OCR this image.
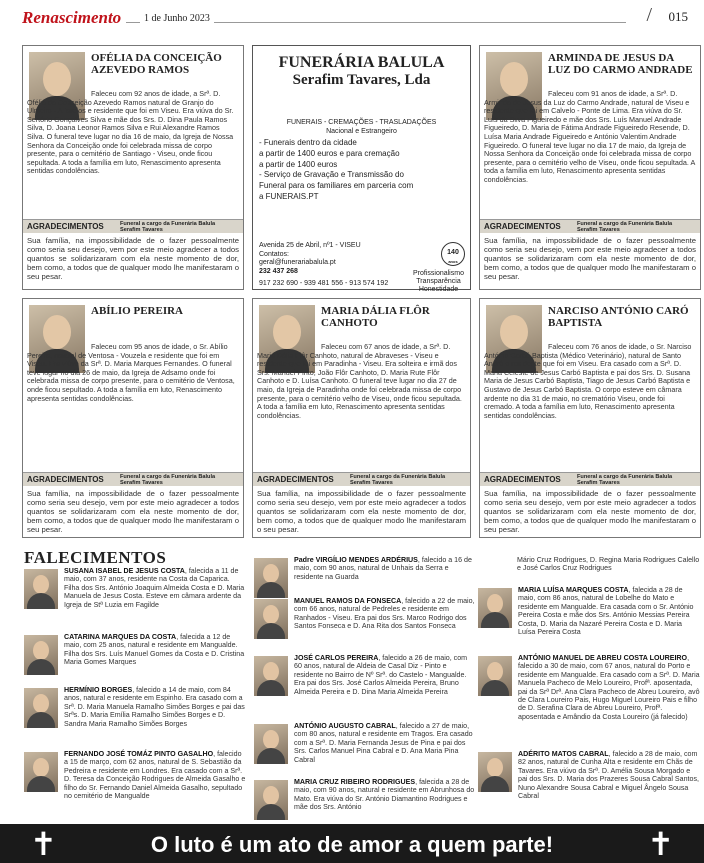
Renascimento	1 de Junho 2023	/ 015
OFÉLIA DA CONCEIÇÃO AZEVEDO RAMOS
Faleceu com 92 anos de idade, a Srª. D. Ofélia da Conceição Azevedo Ramos natural de Granjo do Ulmeiro - Alfarelos e residente que foi em Viseu. Era viúva do Sr. Sertório Gonçalves Silva e mãe dos Srs. D. Dina Paula Ramos Silva, D. Joana Leonor Ramos Silva e Rui Alexandre Ramos Silva. O funeral teve lugar no dia 16 de maio, da Igreja de Nossa Senhora da Conceição onde foi celebrada missa de corpo presente, para o cemitério de Santiago - Viseu, onde ficou sepultada. A toda a família em luto, Renascimento apresenta sentidas condolências.
AGRADECIMENTOS	Funeral a cargo da Funerária Balula Serafim Tavares
Sua família, na impossibilidade de o fazer pessoalmente como seria seu desejo, vem por este meio agradecer a todos quantos se solidarizaram com ela neste momento de dor, bem como, a todos que de qualquer modo lhe manifestaram o seu pesar.
FUNERÁRIA BALULA
Serafim Tavares, Lda
FUNERAIS - CREMAÇÕES - TRASLADAÇÕES
Nacional e Estrangeiro
- Funerais dentro da cidade
a partir de 1400 euros e para cremação
a partir de 1400 euros
- Serviço de Gravação e Transmissão do
Funeral para os familiares em parceria com
a FUNERAIS.PT
Avenida 25 de Abril, nº1 - VISEU
Contatos:
geral@funerariabalula.pt
232 437 268
917 232 690 - 939 481 556 - 913 574 192
140
anos
Profissionalismo
Transparência
Honestidade
ARMINDA DE JESUS DA LUZ DO CARMO ANDRADE
Faleceu com 91 anos de idade, a Srª. D. Arminda de Jesus da Luz do Carmo Andrade, natural de Viseu e residente que foi em Calvelo - Ponte de Lima. Era viúva do Sr. Luís da Silva Figueiredo e mãe dos Srs. Luís Manuel Andrade Figueiredo, D. Maria de Fátima Andrade Figueiredo Resende, D. Luísa Maria Andrade Figueiredo e António Valentim Andrade Figueiredo. O funeral teve lugar no dia 17 de maio, da Igreja de Nossa Senhora da Conceição onde foi celebrada missa de corpo presente, para o cemitério velho de Viseu, onde ficou sepultada. A toda a família em luto, Renascimento apresenta sentidas condolências.
AGRADECIMENTOS	Funeral a cargo da Funerária Balula Serafim Tavares
Sua família, na impossibilidade de o fazer pessoalmente como seria seu desejo, vem por este meio agradecer a todos quantos se solidarizaram com ela neste momento de dor, bem como, a todos que de qualquer modo lhe manifestaram o seu pesar.
ABÍLIO PEREIRA
Faleceu com 95 anos de idade, o Sr. Abílio Pereira, natural de Ventosa - Vouzela e residente que foi em Viseu. Era viúvo da Srª. D. Maria Marques Fernandes. O funeral teve lugar no dia 26 de maio, da Igreja de Adsamo onde foi celebrada missa de corpo presente, para o cemitério de Ventosa, onde ficou sepultado. A toda a família em luto, Renascimento apresenta sentidas condolências.
AGRADECIMENTOS	Funeral a cargo da Funerária Balula Serafim Tavares
Sua família, na impossibilidade de o fazer pessoalmente como seria seu desejo, vem por este meio agradecer a todos quantos se solidarizaram com ela neste momento de dor, bem como, a todos que de qualquer modo lhe manifestaram o seu pesar.
MARIA DÁLIA FLÔR CANHOTO
Faleceu com 67 anos de idade, a Srª. D. Maria Dália Flôr Canhoto, natural de Abraveses - Viseu e residente que foi em Paradinha - Viseu. Era solteira e irmã dos Srs. Manuel Pinto, João Flôr Canhoto, D. Maria Rute Flôr Canhoto e D. Luísa Canhoto. O funeral teve lugar no dia 27 de maio, da Igreja de Paradinha onde foi celebrada missa de corpo presente, para o cemitério velho de Viseu, onde ficou sepultada. A toda a família em luto, Renascimento apresenta sentidas condolências.
AGRADECIMENTOS	Funeral a cargo da Funerária Balula Serafim Tavares
Sua família, na impossibilidade de o fazer pessoalmente como seria seu desejo, vem por este meio agradecer a todos quantos se solidarizaram com ela neste momento de dor, bem como, a todos que de qualquer modo lhe manifestaram o seu pesar.
NARCISO ANTÓNIO CARÓ BAPTISTA
Faleceu com 76 anos de idade, o Sr. Narciso António Carbó Baptista (Médico Veterinário), natural de Santo André e residente que foi em Viseu. Era casado com a Srª. D. Maria Celeste de Jesus Carbó Baptista e pai dos Srs. D. Susana Maria de Jesus Carbó Baptista, Tiago de Jesus Carbó Baptista e Gustavo de Jesus Carbó Baptista. O corpo esteve em câmara ardente no dia 31 de maio, no crematório Viseu, onde foi cremado. A toda a família em luto, Renascimento apresenta sentidas condolências.
AGRADECIMENTOS	Funeral a cargo da Funerária Balula Serafim Tavares
Sua família, na impossibilidade de o fazer pessoalmente como seria seu desejo, vem por este meio agradecer a todos quantos se solidarizaram com ela neste momento de dor, bem como, a todos que de qualquer modo lhe manifestaram o seu pesar.
FALECIMENTOS
SUSANA ISABEL DE JESUS COSTA, falecida a 11 de maio, com 37 anos, residente na Costa da Caparica. Filha dos Srs. António Joaquim Almeida Costa e D. Maria Manuela de Jesus Costa. Esteve em câmara ardente da Igreja de Stª Luzia em Fagilde
CATARINA MARQUES DA COSTA, falecida a 12 de maio, com 25 anos, natural e residente em Mangualde. Filha dos Srs. Luís Manuel Gomes da Costa e D. Cristina Maria Gomes Marques
HERMÍNIO BORGES, falecido a 14 de maio, com 84 anos, natural e residente em Espinho. Era casado com a Srª. D. Maria Manuela Ramalho Simões Borges e pai das Srªs. D. Maria Emília Ramalho Simões Borges e D. Sandra Maria Ramalho Simões Borges
FERNANDO JOSÉ TOMÁZ PINTO GASALHO, falecido a 15 de março, com 62 anos, natural de S. Sebastião da Pedreira e residente em Londres. Era casado com a Srª. D. Teresa da Conceição Rodrigues de Almeida Gasalho e filho do Sr. Fernando Daniel Almeida Gasalho, sepultado no cemitério de Mangualde
Padre VIRGÍLIO MENDES ARDÉRIUS, falecido a 16 de maio, com 90 anos, natural de Unhais da Serra e residente na Guarda
MANUEL RAMOS DA FONSECA, falecido a 22 de maio, com 66 anos, natural de Pedreles e residente em Ranhados - Viseu. Era pai dos Srs. Marco Rodrigo dos Santos Fonseca e D. Ana Rita dos Santos Fonseca
JOSÉ CARLOS PEREIRA, falecido a 26 de maio, com 60 anos, natural de Aldeia de Casal Diz - Pinto e residente no Bairro de Nº Srª. do Castelo - Mangualde. Era pai dos Srs. José Carlos Almeida Pereira, Bruno Almeida Pereira e D. Dina Maria Almeida Pereira
ANTÓNIO AUGUSTO CABRAL, falecido a 27 de maio, com 80 anos, natural e residente em Tragos. Era casado com a Srª. D. Maria Fernanda Jesus de Pina e pai dos Srs. Carlos Manuel Pina Cabral e D. Ana Maria Pina Cabral
MARIA CRUZ RIBEIRO RODRIGUES, falecida a 28 de maio, com 90 anos, natural e residente em Abrunhosa do Mato. Era viúva do Sr. António Diamantino Rodrigues e mãe dos Srs. António
Mário Cruz Rodrigues, D. Regina Maria Rodrigues Calello e José Carlos Cruz Rodrigues
MARIA LUÍSA MARQUES COSTA, falecida a 28 de maio, com 86 anos, natural de Lobelhe do Mato e residente em Mangualde. Era casada com o Sr. António Pereira Costa e mãe dos Srs. António Messias Pereira Costa, D. Maria da Nazaré Pereira Costa e D. Maria Luísa Pereira Costa
ANTÓNIO MANUEL DE ABREU COSTA LOUREIRO, falecido a 30 de maio, com 67 anos, natural do Porto e residente em Mangualde. Era casado com a Srª. D. Maria Manuela Pacheco de Melo Loureiro, Profª. aposentada, pai da Srª Drª. Ana Clara Pacheco de Abreu Loureiro, avô de Clara Loureiro Pais, Hugo Miguel Loureiro Pais e filho de D. Serafina Clara de Abreu Loureiro, Profª. aposentada e Amândio da Costa Loureiro (já falecido)
ADÉRITO MATOS CABRAL, falecido a 28 de maio, com 82 anos, natural de Cunha Alta e residente em Chãs de Tavares. Era viúvo da Srª. D. Amélia Sousa Morgado e pai dos Srs. D. Maria dos Prazeres Sousa Cabral Santos, Nuno Alexandre Sousa Cabral e Miguel Ângelo Sousa Cabral
✝	O luto é um ato de amor a quem parte!	✝
